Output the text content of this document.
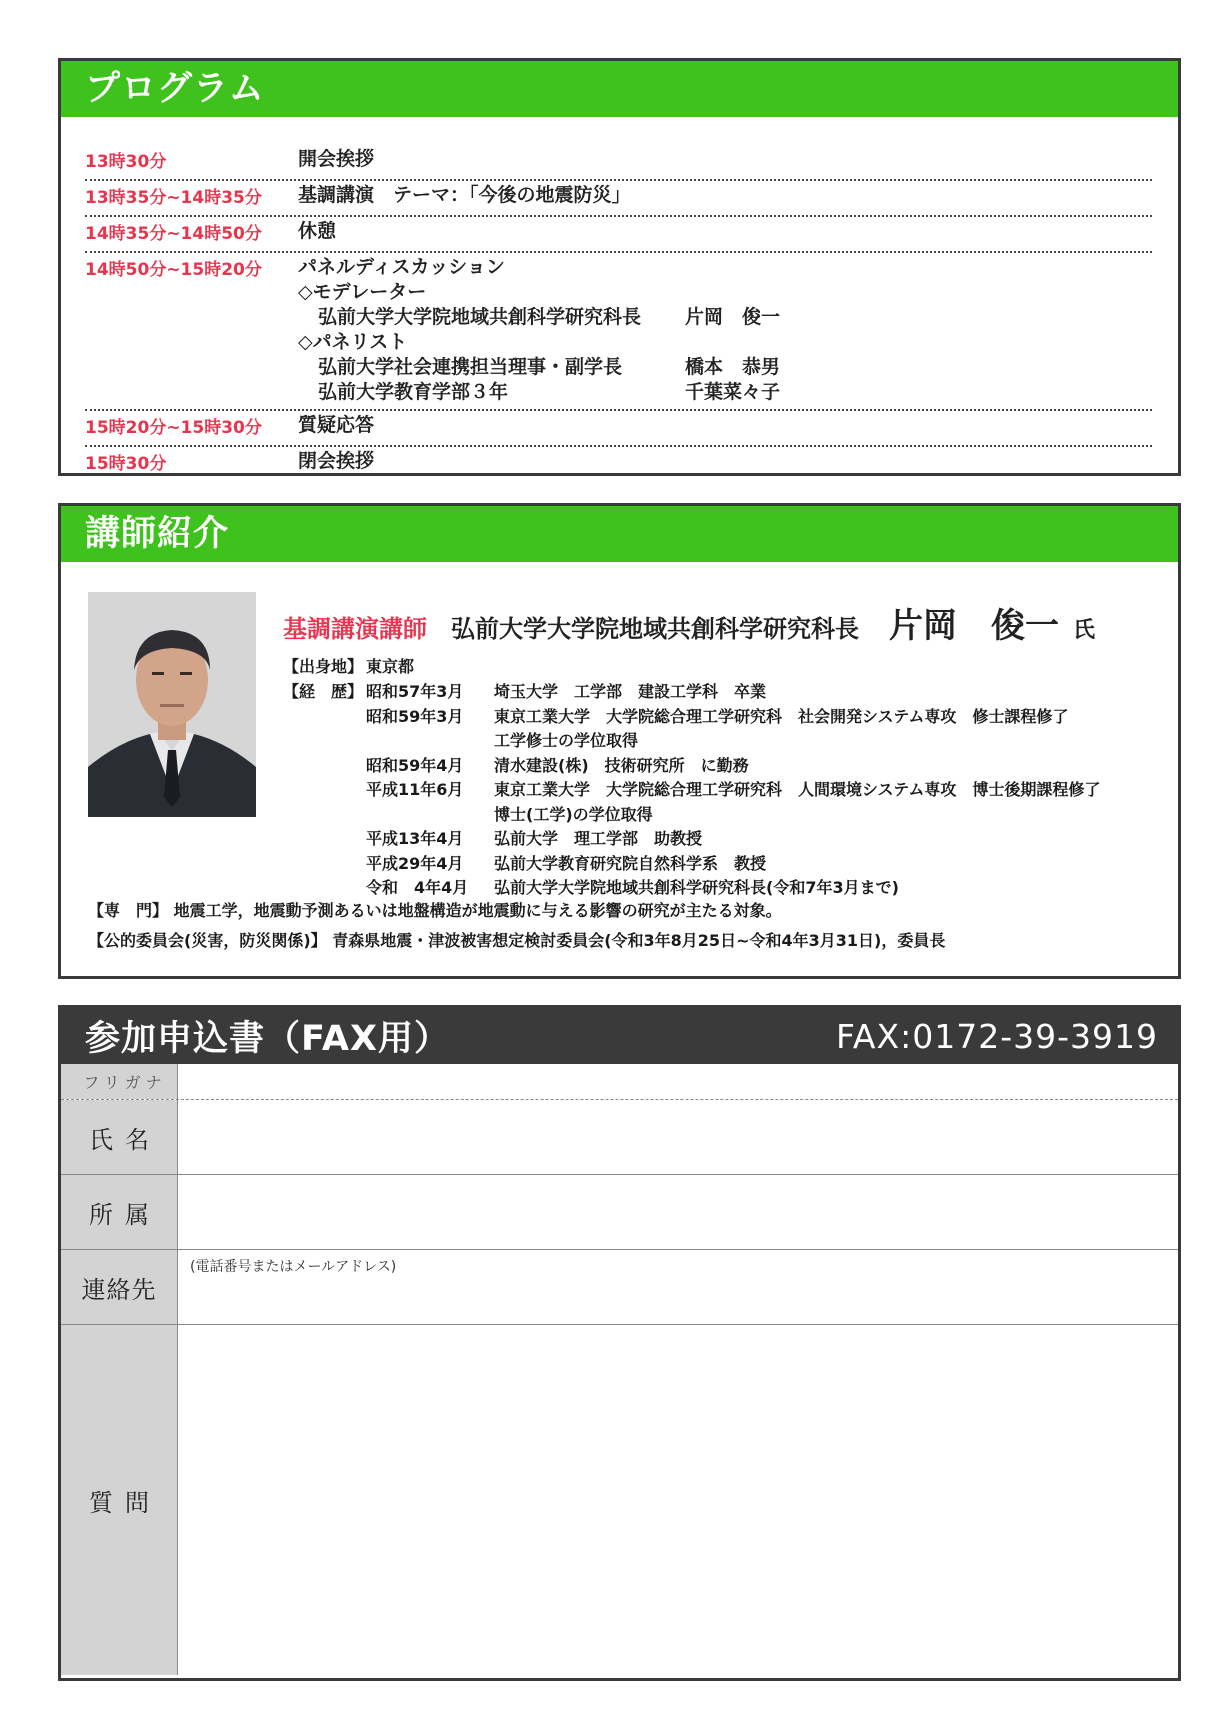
プログラム
13時30分	開会挨拶
13時35分~14時35分	基調講演　テーマ：「今後の地震防災」
14時35分~14時50分	休憩
14時50分~15時20分	パネルディスカッション
◇モデレーター
弘前大学大学院地域共創科学研究科長 片岡　俊一
◇パネリスト
弘前大学社会連携担当理事・副学長	橋本　恭男
弘前大学教育学部３年	千葉菜々子
15時20分~15時30分	質疑応答
15時30分	閉会挨拶
講師紹介
基調講演講師 弘前大学大学院地域共創科学研究科長 片岡　俊一 氏
【出身地】 東京都
【経　歴】 昭和57年3月	埼玉大学　工学部　建設工学科　卒業
昭和59年3月	東京工業大学　大学院総合理工学研究科　社会開発システム専攻　修士課程修了
工学修士の学位取得
昭和59年4月	清水建設(株)　技術研究所　に勤務
平成11年6月	東京工業大学　大学院総合理工学研究科　人間環境システム専攻　博士後期課程修了
博士(工学)の学位取得
平成13年4月	弘前大学　理工学部　助教授
平成29年4月	弘前大学教育研究院自然科学系　教授
令和　4年4月	弘前大学大学院地域共創科学研究科長(令和7年3月まで)
【専　門】 地震工学，地震動予測あるいは地盤構造が地震動に与える影響の研究が主たる対象。
【公的委員会(災害，防災関係)】 青森県地震・津波被害想定検討委員会(令和3年8月25日~令和4年3月31日)，委員長
参加申込書（FAX用）	FAX:0172-39-3919
フリガナ
氏名
所属
連絡先
(電話番号またはメールアドレス)
質問
